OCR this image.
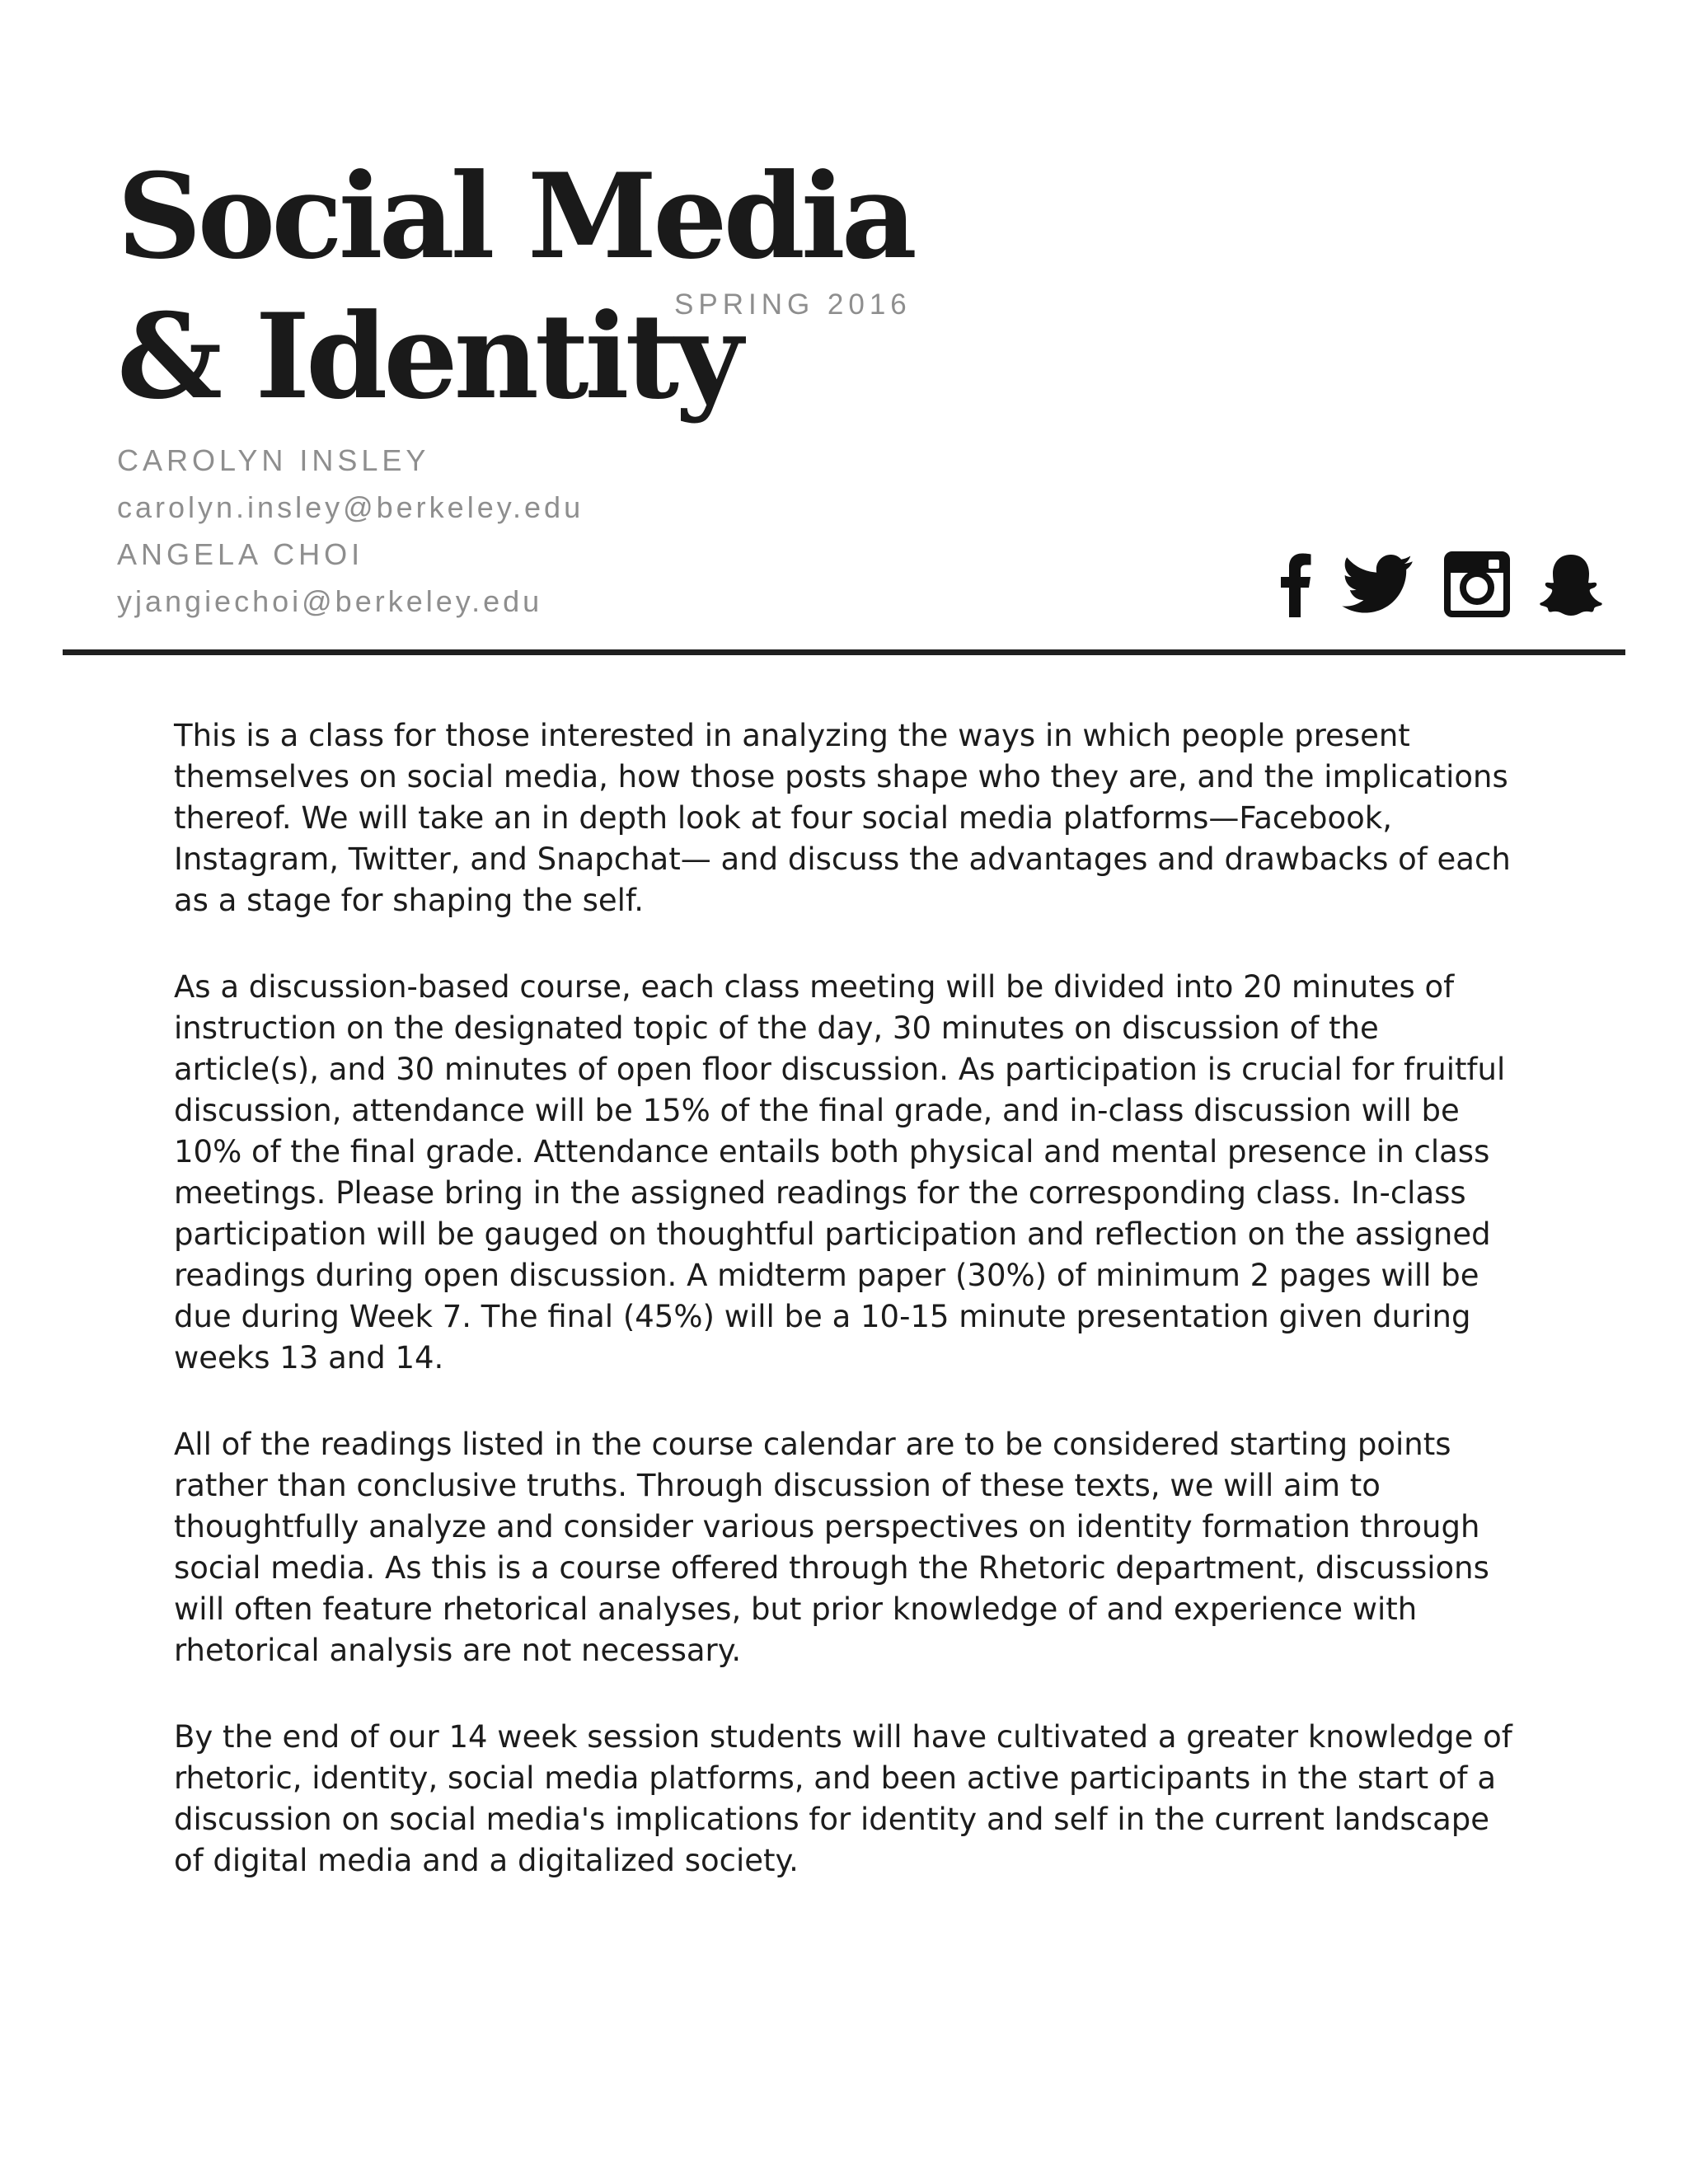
Social Media
& Identity
SPRING 2016
CAROLYN INSLEY
carolyn.insley@berkeley.edu
ANGELA CHOI
yjangiechoi@berkeley.edu

This is a class for those interested in analyzing the ways in which people present themselves on social media, how those posts shape who they are, and the implications thereof. We will take an in depth look at four social media platforms—Facebook, Instagram, Twitter, and Snapchat— and discuss the advantages and drawbacks of each as a stage for shaping the self.

As a discussion-based course, each class meeting will be divided into 20 minutes of instruction on the designated topic of the day, 30 minutes on discussion of the article(s), and 30 minutes of open floor discussion. As participation is crucial for fruitful discussion, attendance will be 15% of the final grade, and in-class discussion will be 10% of the final grade. Attendance entails both physical and mental presence in class meetings. Please bring in the assigned readings for the corresponding class. In-class participation will be gauged on thoughtful participation and reflection on the assigned readings during open discussion. A midterm paper (30%) of minimum 2 pages will be due during Week 7. The final (45%) will be a 10-15 minute presentation given during weeks 13 and 14.

All of the readings listed in the course calendar are to be considered starting points rather than conclusive truths. Through discussion of these texts, we will aim to thoughtfully analyze and consider various perspectives on identity formation through social media. As this is a course offered through the Rhetoric department, discussions will often feature rhetorical analyses, but prior knowledge of and experience with rhetorical analysis are not necessary.

By the end of our 14 week session students will have cultivated a greater knowledge of rhetoric, identity, social media platforms, and been active participants in the start of a discussion on social media's implications for identity and self in the current landscape of digital media and a digitalized society.
